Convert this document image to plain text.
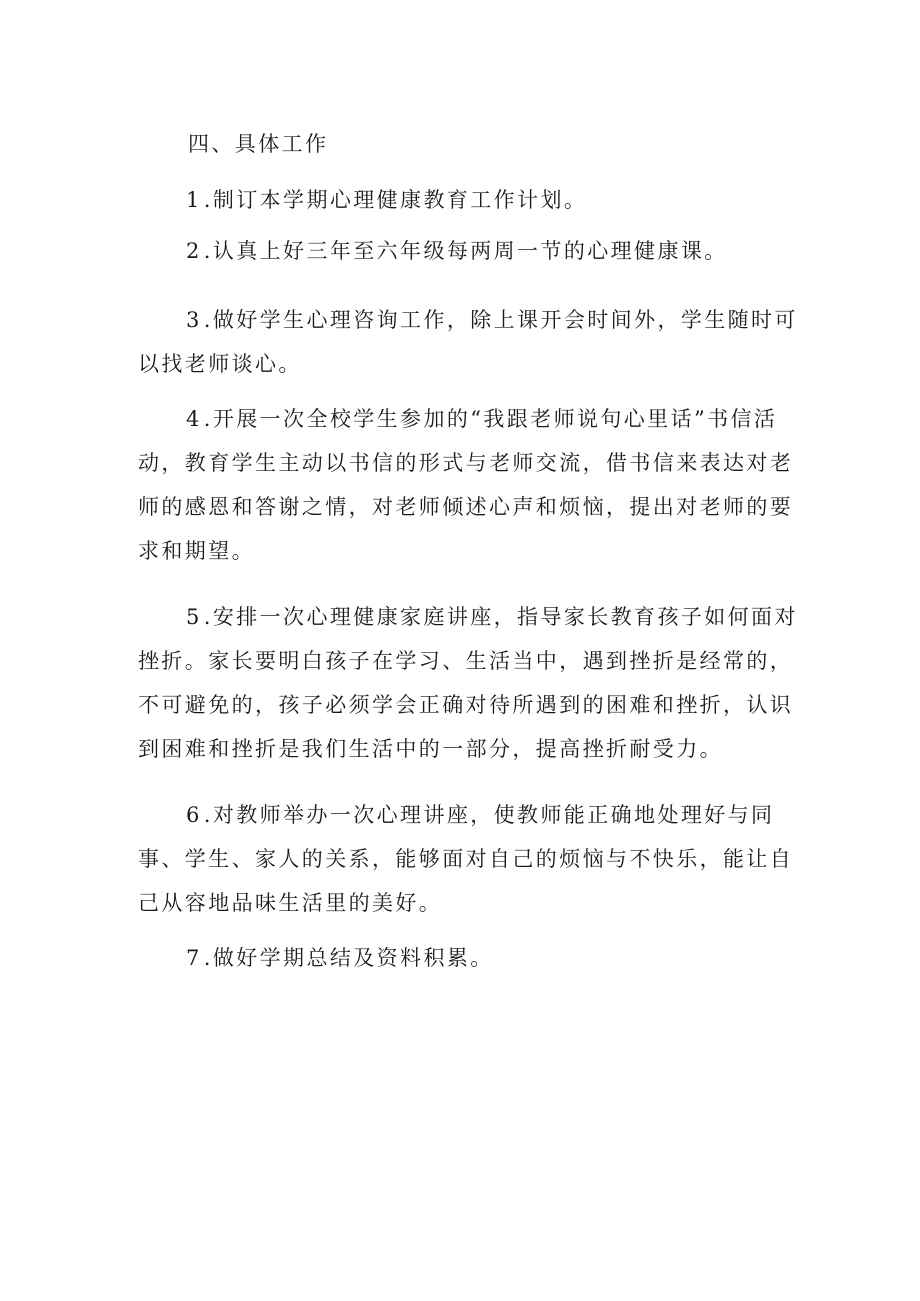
四、具体工作
1.制订本学期心理健康教育工作计划。
2.认真上好三年至六年级每两周一节的心理健康课。
3.做好学生心理咨询工作，除上课开会时间外，学生随时可以找老师谈心。
4.开展一次全校学生参加的“我跟老师说句心里话”书信活动，教育学生主动以书信的形式与老师交流，借书信来表达对老师的感恩和答谢之情，对老师倾述心声和烦恼，提出对老师的要求和期望。
5.安排一次心理健康家庭讲座，指导家长教育孩子如何面对挫折。家长要明白孩子在学习、生活当中，遇到挫折是经常的，不可避免的，孩子必须学会正确对待所遇到的困难和挫折，认识到困难和挫折是我们生活中的一部分，提高挫折耐受力。
6.对教师举办一次心理讲座，使教师能正确地处理好与同事、学生、家人的关系，能够面对自己的烦恼与不快乐，能让自己从容地品味生活里的美好。
7.做好学期总结及资料积累。
